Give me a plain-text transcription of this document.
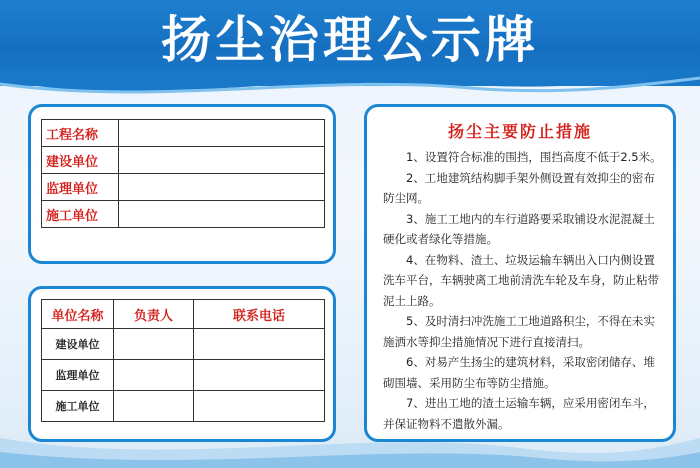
扬尘治理公示牌
工程名称	
建设单位	
监理单位	
施工单位	
单位名称	负责人	联系电话
建设单位		
监理单位		
施工单位		
扬尘主要防止措施
1、设置符合标准的围挡，围挡高度不低于2.5米。
2、工地建筑结构脚手架外侧设置有效抑尘的密布防尘网。
3、施工工地内的车行道路要采取铺设水泥混凝土硬化或者绿化等措施。
4、在物料、渣土、垃圾运输车辆出入口内侧设置洗车平台，车辆驶离工地前清洗车轮及车身，防止粘带泥土上路。
5、及时清扫冲洗施工工地道路积尘，不得在未实施洒水等抑尘措施情况下进行直接清扫。
6、对易产生扬尘的建筑材料，采取密闭储存、堆砌围墙、采用防尘布等防尘措施。
7、进出工地的渣土运输车辆，应采用密闭车斗，并保证物料不遣散外漏。
